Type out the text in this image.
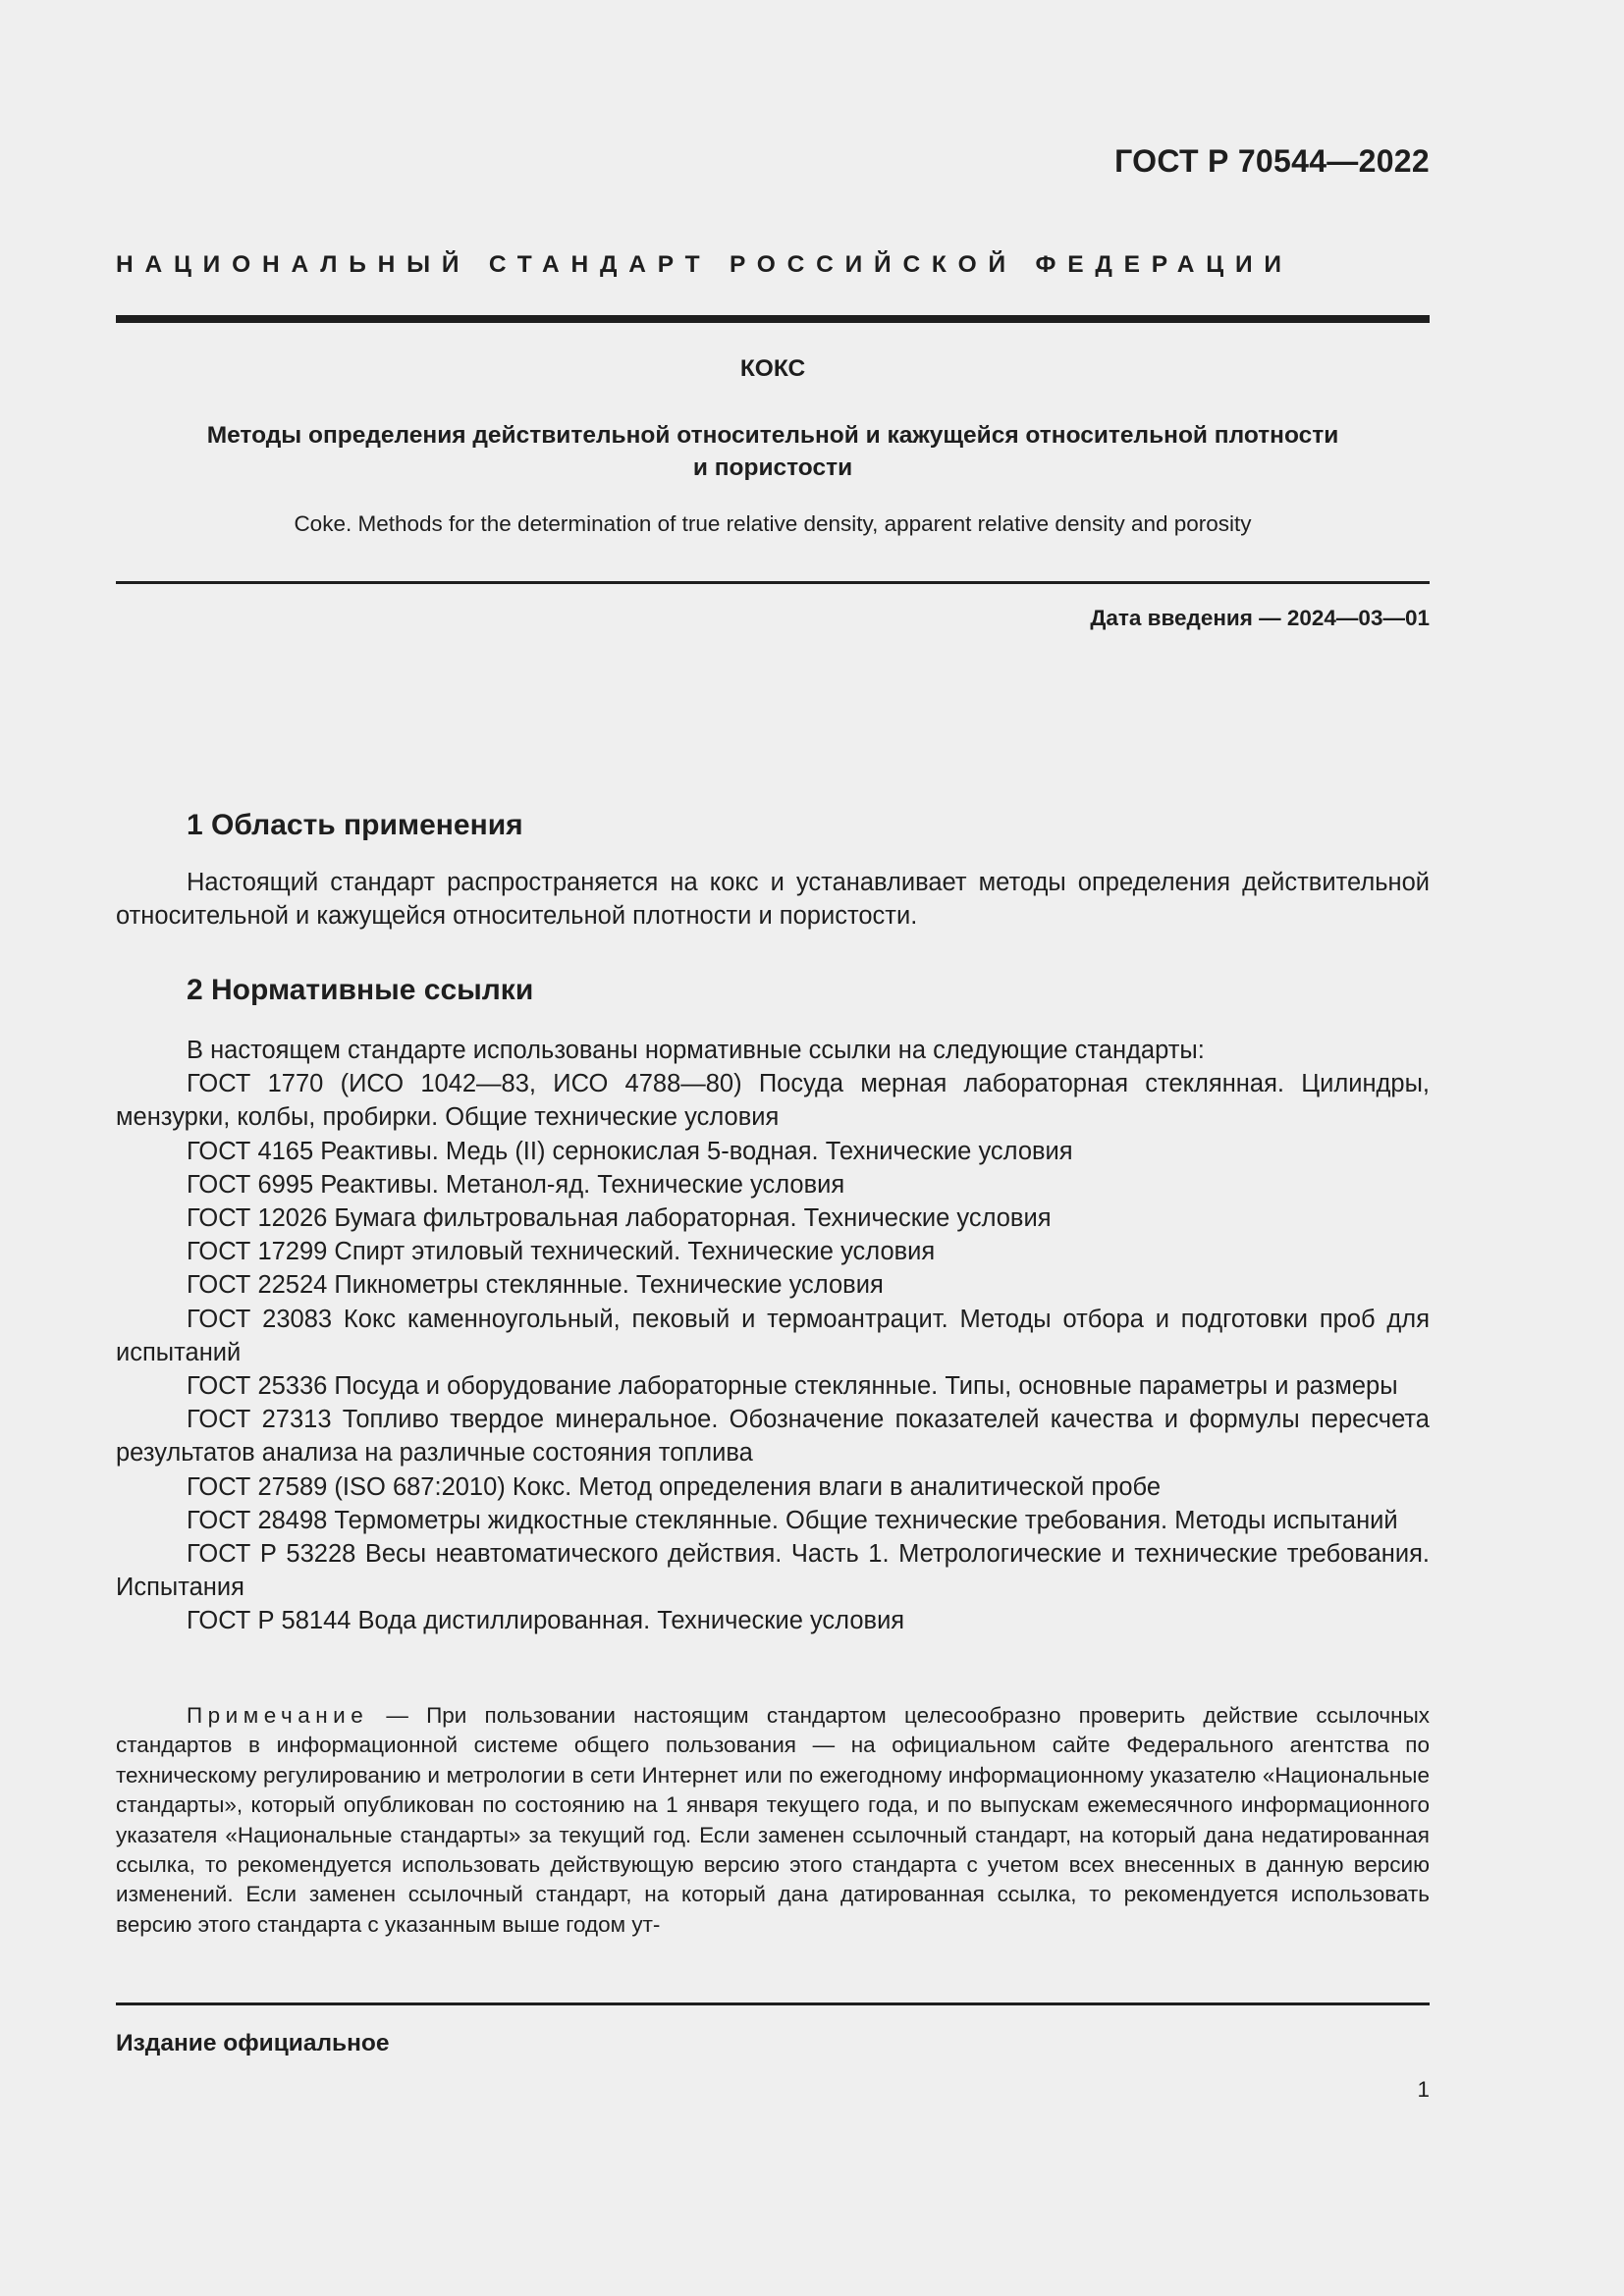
ГОСТ Р 70544—2022
НАЦИОНАЛЬНЫЙ СТАНДАРТ РОССИЙСКОЙ ФЕДЕРАЦИИ
КОКС
Методы определения действительной относительной и кажущейся относительной плотности
и пористости
Coke. Methods for the determination of true relative density, apparent relative density and porosity
Дата введения — 2024—03—01
1 Область применения
Настоящий стандарт распространяется на кокс и устанавливает методы определения действительной относительной и кажущейся относительной плотности и пористости.
2 Нормативные ссылки

В настоящем стандарте использованы нормативные ссылки на следующие стандарты:

ГОСТ 1770 (ИСО 1042—83, ИСО 4788—80) Посуда мерная лабораторная стеклянная. Цилиндры, мензурки, колбы, пробирки. Общие технические условия

ГОСТ 4165 Реактивы. Медь (II) сернокислая 5-водная. Технические условия

ГОСТ 6995 Реактивы. Метанол-яд. Технические условия

ГОСТ 12026 Бумага фильтровальная лабораторная. Технические условия

ГОСТ 17299 Спирт этиловый технический. Технические условия

ГОСТ 22524 Пикнометры стеклянные. Технические условия

ГОСТ 23083 Кокс каменноугольный, пековый и термоантрацит. Методы отбора и подготовки проб для испытаний

ГОСТ 25336 Посуда и оборудование лабораторные стеклянные. Типы, основные параметры и размеры

ГОСТ 27313 Топливо твердое минеральное. Обозначение показателей качества и формулы пересчета результатов анализа на различные состояния топлива

ГОСТ 27589 (ISO 687:2010) Кокс. Метод определения влаги в аналитической пробе

ГОСТ 28498 Термометры жидкостные стеклянные. Общие технические требования. Методы испытаний

ГОСТ Р 53228 Весы неавтоматического действия. Часть 1. Метрологические и технические требования. Испытания

ГОСТ Р 58144 Вода дистиллированная. Технические условия

Примечание — При пользовании настоящим стандартом целесообразно проверить действие ссылочных стандартов в информационной системе общего пользования — на официальном сайте Федерального агентства по техническому регулированию и метрологии в сети Интернет или по ежегодному информационному указателю «Национальные стандарты», который опубликован по состоянию на 1 января текущего года, и по выпускам ежемесячного информационного указателя «Национальные стандарты» за текущий год. Если заменен ссылочный стандарт, на который дана недатированная ссылка, то рекомендуется использовать действующую версию этого стандарта с учетом всех внесенных в данную версию изменений. Если заменен ссылочный стандарт, на который дана датированная ссылка, то рекомендуется использовать версию этого стандарта с указанным выше годом ут-
Издание официальное
1
